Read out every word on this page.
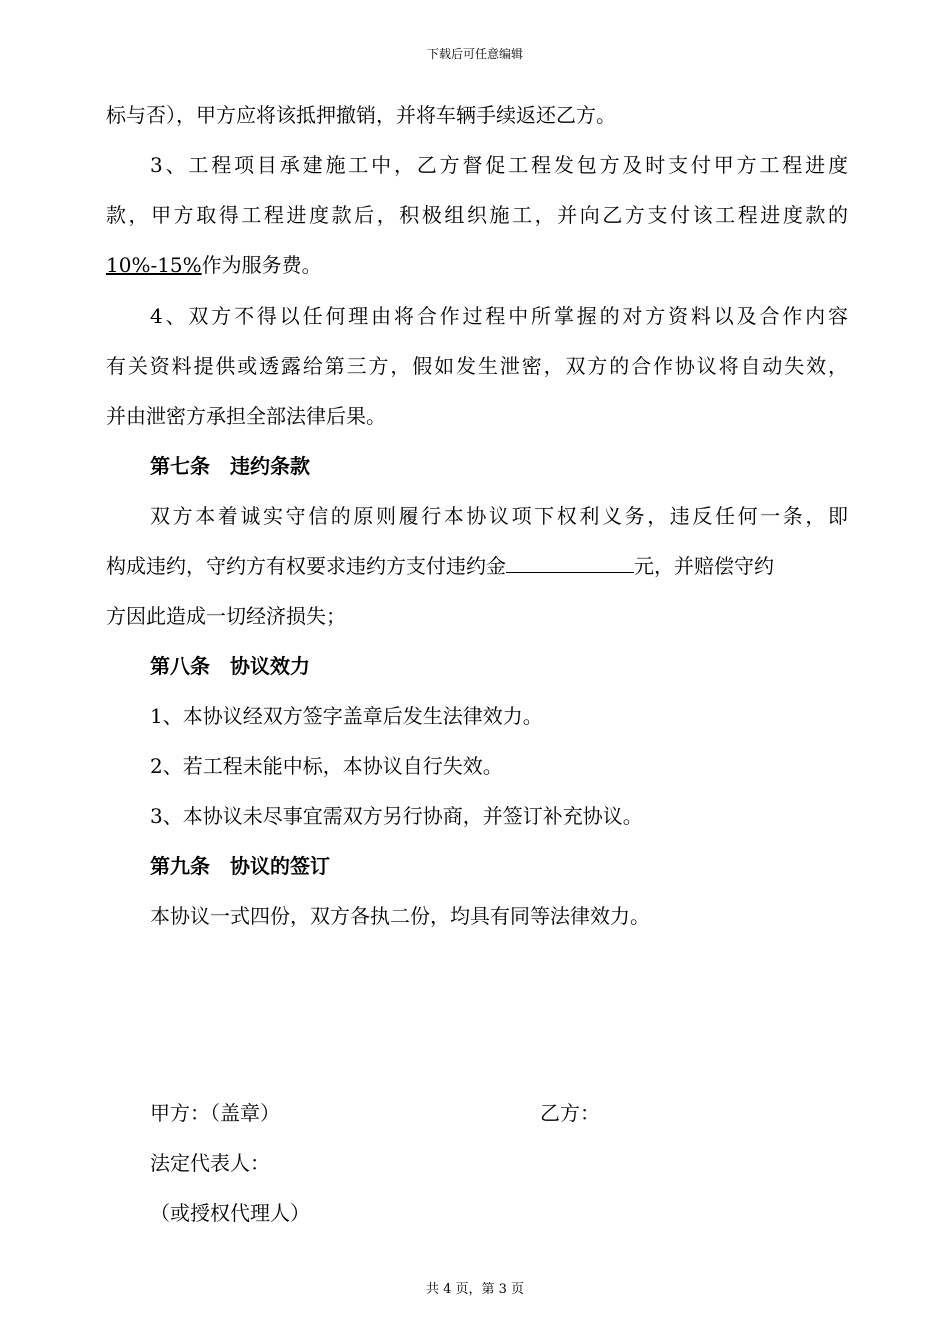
下载后可任意编辑
标与否），甲方应将该抵押撤销，并将车辆手续返还乙方。
3、工程项目承建施工中，乙方督促工程发包方及时支付甲方工程进度
款，甲方取得工程进度款后，积极组织施工，并向乙方支付该工程进度款的
10%-15%作为服务费。
4、双方不得以任何理由将合作过程中所掌握的对方资料以及合作内容
有关资料提供或透露给第三方，假如发生泄密，双方的合作协议将自动失效，
并由泄密方承担全部法律后果。
第七条　违约条款
双方本着诚实守信的原则履行本协议项下权利义务，违反任何一条，即
构成违约，守约方有权要求违约方支付违约金	元，并赔偿守约
方因此造成一切经济损失；
第八条　协议效力
1、本协议经双方签字盖章后发生法律效力。
2、若工程未能中标，本协议自行失效。
3、本协议未尽事宜需双方另行协商，并签订补充协议。
第九条　协议的签订
本协议一式四份，双方各执二份，均具有同等法律效力。
甲方：（盖章）	乙方：
法定代表人：
（或授权代理人）
共 4 页，第 3 页
